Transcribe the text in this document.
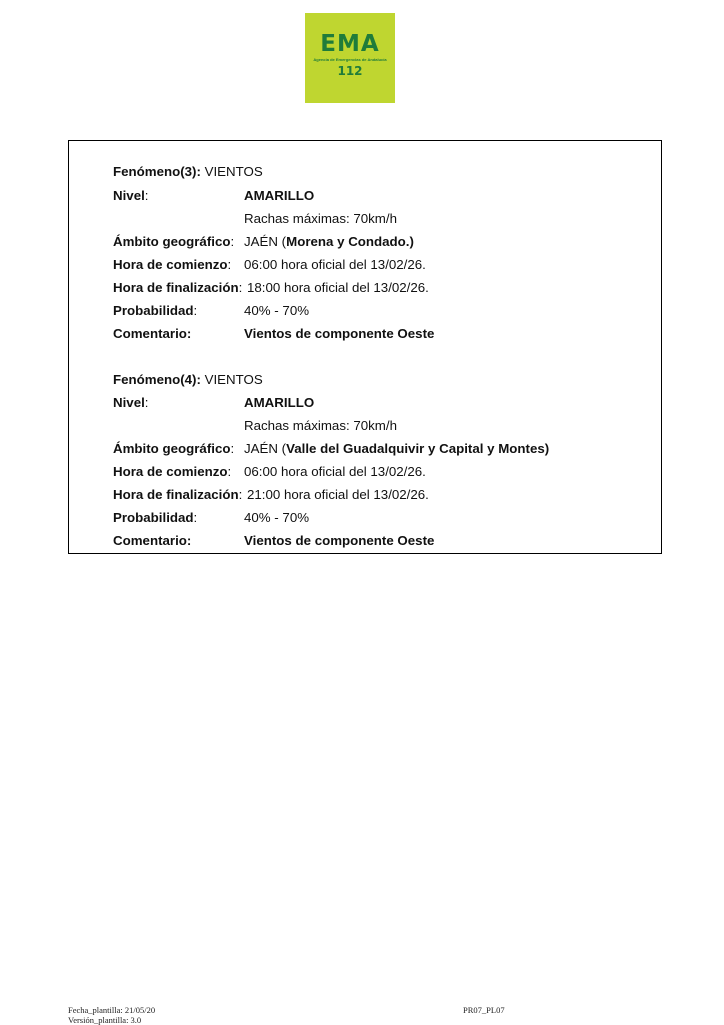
EMA
Agencia de Emergencias de Andalucía
112
Fenómeno(3): VIENTOS
Nivel:	AMARILLO
Rachas máximas: 70km/h
Ámbito geográfico: JAÉN (Morena y Condado.)
Hora de comienzo: 06:00 hora oficial del 13/02/26.
Hora de finalización: 18:00 hora oficial del 13/02/26.
Probabilidad:	40% - 70%
Comentario:	Vientos de componente Oeste
Fenómeno(4): VIENTOS
Nivel:	AMARILLO
Rachas máximas: 70km/h
Ámbito geográfico: JAÉN (Valle del Guadalquivir y Capital y Montes)
Hora de comienzo: 06:00 hora oficial del 13/02/26.
Hora de finalización: 21:00 hora oficial del 13/02/26.
Probabilidad:	40% - 70%
Comentario:	Vientos de componente Oeste
Fecha_plantilla: 21/05/20
Versión_plantilla: 3.0
PR07_PL07
